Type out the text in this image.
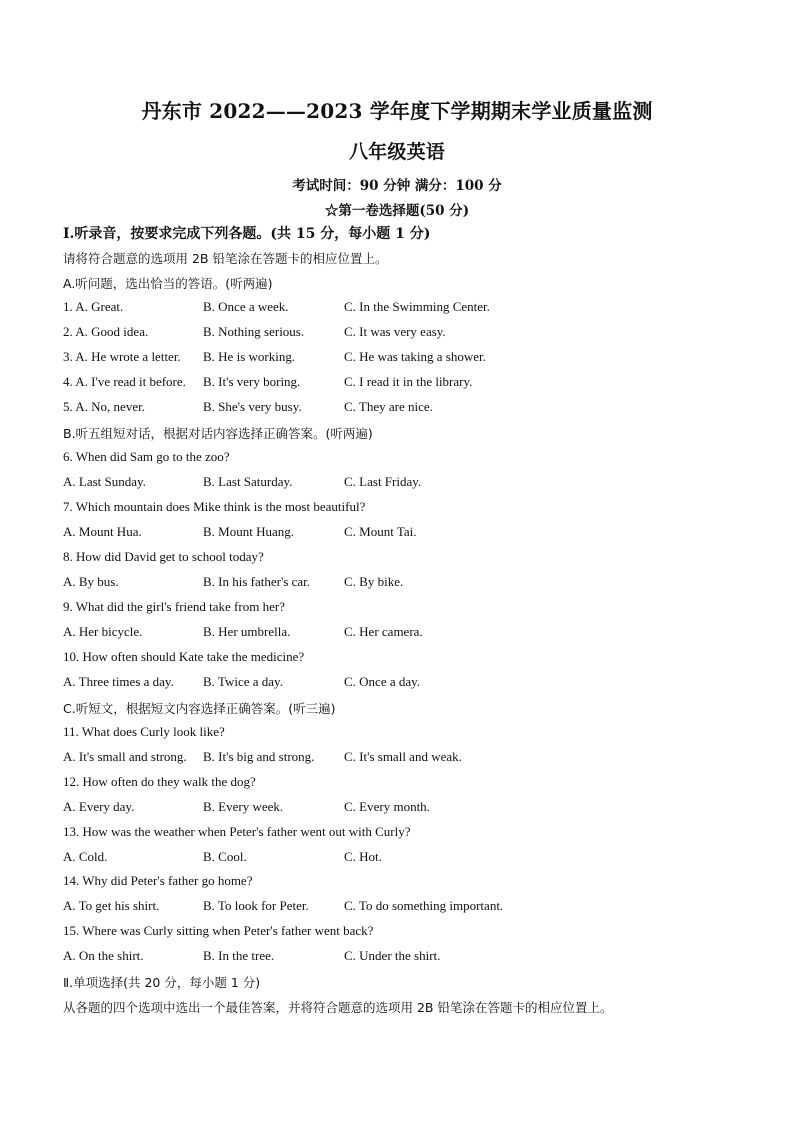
丹东市 2022——2023 学年度下学期期末学业质量监测
八年级英语
考试时间：90 分钟 满分：100 分
☆第一卷选择题(50 分)
Ⅰ.听录音，按要求完成下列各题。(共 15 分，每小题 1 分)
请将符合题意的选项用 2B 铅笔涂在答题卡的相应位置上。
A.听问题，选出恰当的答语。(听两遍)
1. A. Great.	B. Once a week.	C. In the Swimming Center.
2. A. Good idea.	B. Nothing serious.	C. It was very easy.
3. A. He wrote a letter. B. He is working.	C. He was taking a shower.
4. A. I've read it before. B. It's very boring.	C. I read it in the library.
5. A. No, never.	B. She's very busy.	C. They are nice.
B.听五组短对话，根据对话内容选择正确答案。(听两遍)
6. When did Sam go to the zoo?
A. Last Sunday.	B. Last Saturday.	C. Last Friday.
7. Which mountain does Mike think is the most beautiful?
A. Mount Hua.	B. Mount Huang.	C. Mount Tai.
8. How did David get to school today?
A. By bus.	B. In his father's car.	C. By bike.
9. What did the girl's friend take from her?
A. Her bicycle.	B. Her umbrella.	C. Her camera.
10. How often should Kate take the medicine?
A. Three times a day. B. Twice a day.	C. Once a day.
C.听短文，根据短文内容选择正确答案。(听三遍)
11. What does Curly look like?
A. It's small and strong. B. It's big and strong. C. It's small and weak.
12. How often do they walk the dog?
A. Every day.	B. Every week.	C. Every month.
13. How was the weather when Peter's father went out with Curly?
A. Cold.	B. Cool.	C. Hot.
14. Why did Peter's father go home?
A. To get his shirt.	B. To look for Peter.	C. To do something important.
15. Where was Curly sitting when Peter's father went back?
A. On the shirt.	B. In the tree.	C. Under the shirt.
Ⅱ.单项选择(共 20 分，每小题 1 分)
从各题的四个选项中选出一个最佳答案，并将符合题意的选项用 2B 铅笔涂在答题卡的相应位置上。
